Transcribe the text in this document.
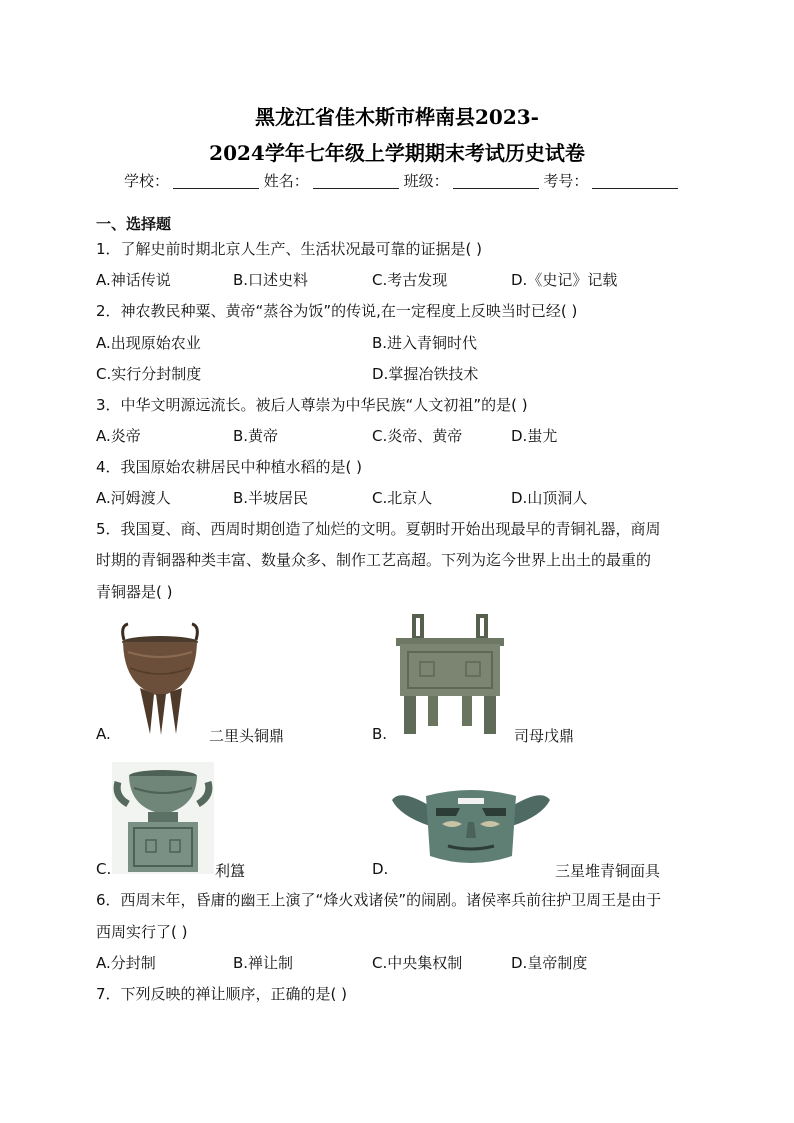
黑龙江省佳木斯市桦南县2023-
2024学年七年级上学期期末考试历史试卷
学校：	姓名：	班级：	考号：
一、选择题
1．了解史前时期北京人生产、生活状况最可靠的证据是( )
A.神话传说	B.口述史料	C.考古发现	D.《史记》记载
2．神农教民种粟、黄帝“蒸谷为饭”的传说,在一定程度上反映当时已经( )
A.出现原始农业	B.进入青铜时代
C.实行分封制度	D.掌握冶铁技术
3．中华文明源远流长。被后人尊崇为中华民族“人文初祖”的是( )
A.炎帝	B.黄帝	C.炎帝、黄帝	D.蚩尤
4．我国原始农耕居民中种植水稻的是( )
A.河姆渡人	B.半坡居民	C.北京人	D.山顶洞人
5．我国夏、商、西周时期创造了灿烂的文明。夏朝时开始出现最早的青铜礼器，商周
时期的青铜器种类丰富、数量众多、制作工艺高超。下列为迄今世界上出土的最重的
青铜器是( )
A.	二里头铜鼎	B.	司母戊鼎
C.	利簋	D.	三星堆青铜面具
6．西周末年，昏庸的幽王上演了“烽火戏诸侯”的闹剧。诸侯率兵前往护卫周王是由于
西周实行了( )
A.分封制	B.禅让制	C.中央集权制	D.皇帝制度
7．下列反映的禅让顺序，正确的是( )
